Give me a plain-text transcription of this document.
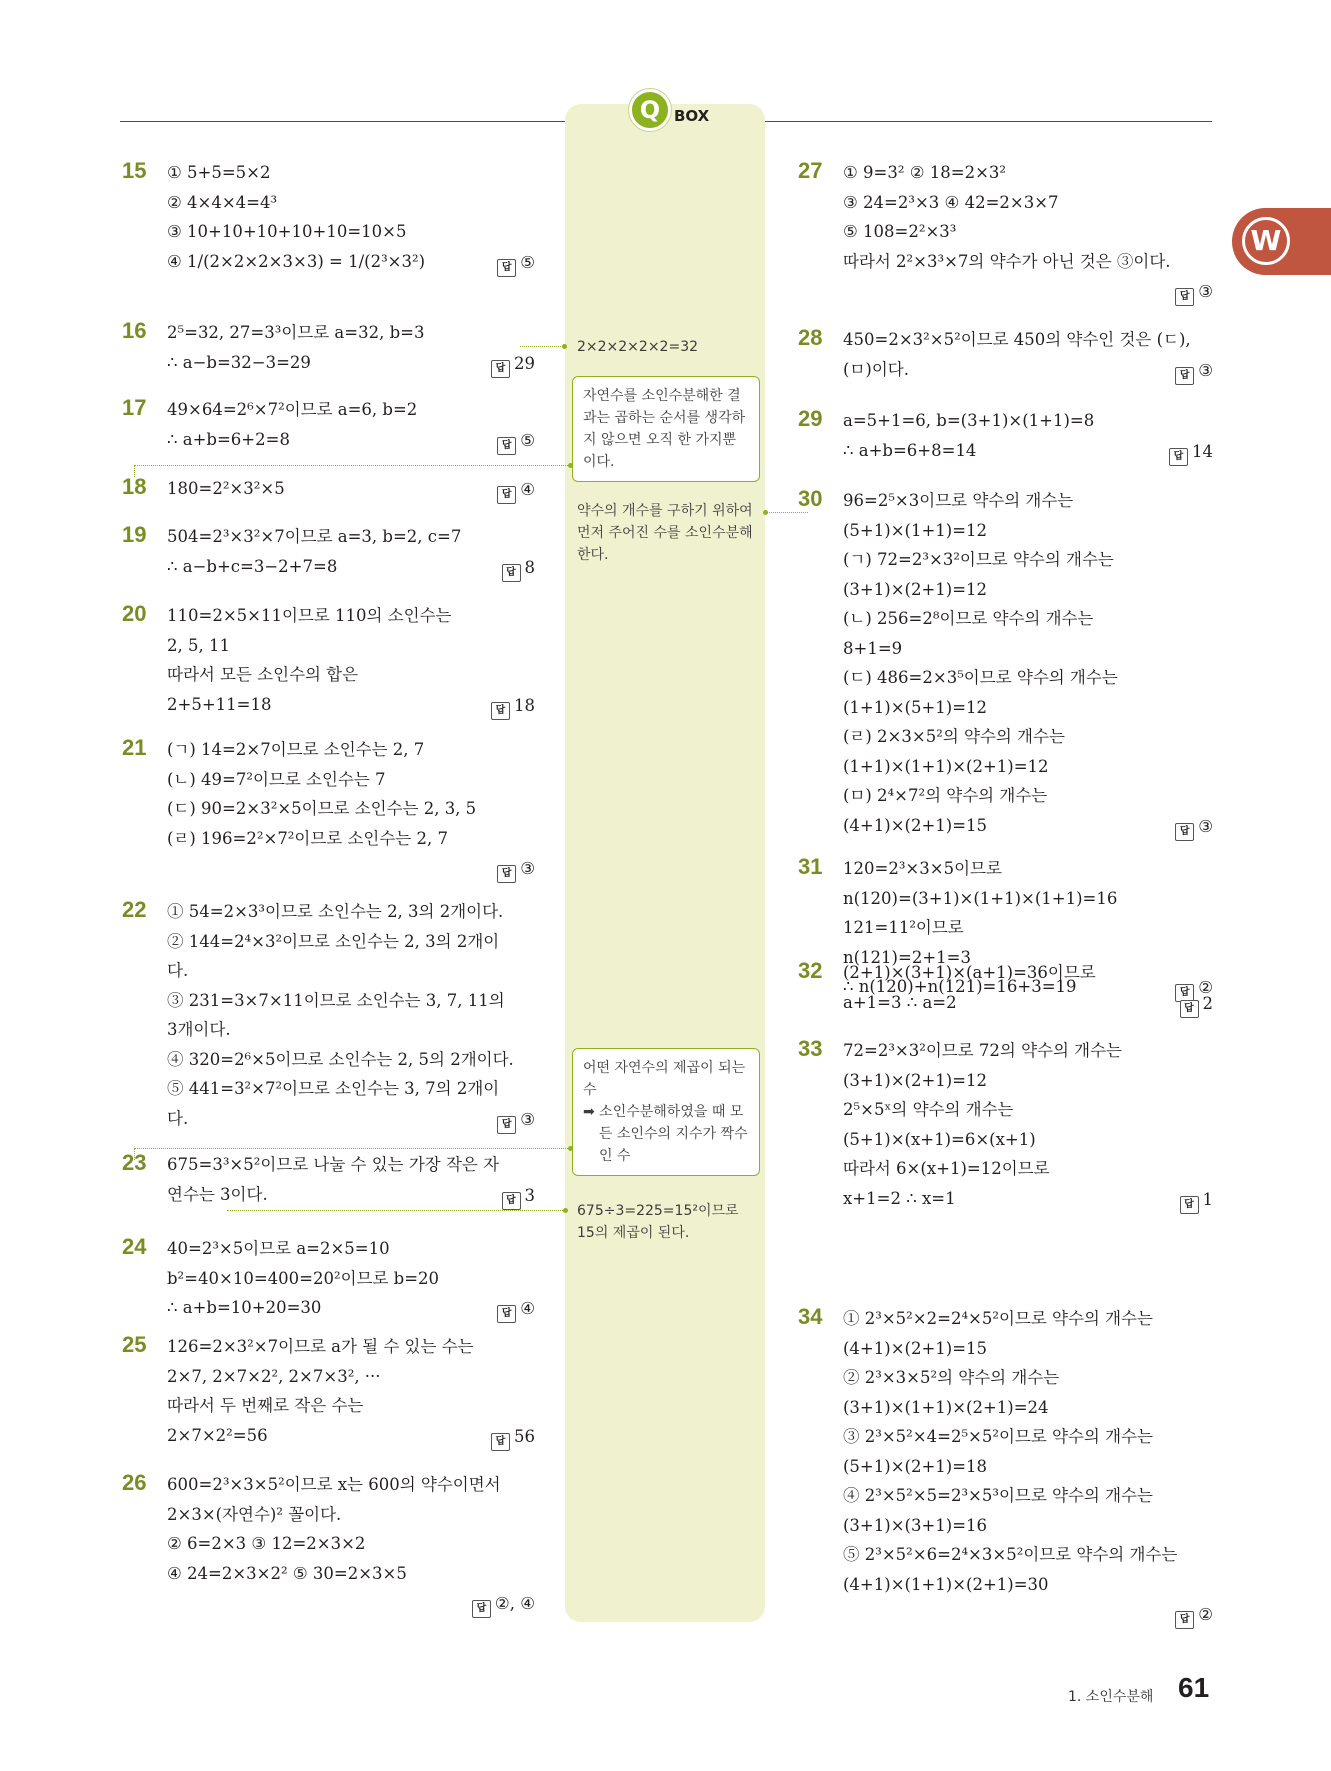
Q BOX
W
15 ① 5+5=5×2
② 4×4×4=4³
③ 10+10+10+10+10=10×5
④ 1/(2×2×2×3×3) = 1/(2³×3²)	답 ⑤
16 2⁵=32, 27=3³이므로 a=32, b=3
∴ a−b=32−3=29	답 29
17 49×64=2⁶×7²이므로 a=6, b=2
∴ a+b=6+2=8	답 ⑤
18 180=2²×3²×5	답 ④
19 504=2³×3²×7이므로 a=3, b=2, c=7
∴ a−b+c=3−2+7=8	답 8
20 110=2×5×11이므로 110의 소인수는
2, 5, 11
따라서 모든 소인수의 합은
2+5+11=18	답 18
21 (ㄱ) 14=2×7이므로 소인수는 2, 7
(ㄴ) 49=7²이므로 소인수는 7
(ㄷ) 90=2×3²×5이므로 소인수는 2, 3, 5
(ㄹ) 196=2²×7²이므로 소인수는 2, 7
답 ③
22 ① 54=2×3³이므로 소인수는 2, 3의 2개이다.
② 144=2⁴×3²이므로 소인수는 2, 3의 2개이
다.
③ 231=3×7×11이므로 소인수는 3, 7, 11의
3개이다.
④ 320=2⁶×5이므로 소인수는 2, 5의 2개이다.
⑤ 441=3²×7²이므로 소인수는 3, 7의 2개이
다.	답 ③
23 675=3³×5²이므로 나눌 수 있는 가장 작은 자
연수는 3이다.	답 3
24 40=2³×5이므로 a=2×5=10
b²=40×10=400=20²이므로 b=20
∴ a+b=10+20=30	답 ④
25 126=2×3²×7이므로 a가 될 수 있는 수는
2×7, 2×7×2², 2×7×3², ···
따라서 두 번째로 작은 수는
2×7×2²=56	답 56
26 600=2³×3×5²이므로 x는 600의 약수이면서
2×3×(자연수)² 꼴이다.
② 6=2×3 ③ 12=2×3×2
④ 24=2×3×2² ⑤ 30=2×3×5
답 ②, ④
27 ① 9=3² ② 18=2×3²
③ 24=2³×3 ④ 42=2×3×7
⑤ 108=2²×3³
따라서 2²×3³×7의 약수가 아닌 것은 ③이다.
답 ③
28 450=2×3²×5²이므로 450의 약수인 것은 (ㄷ),
(ㅁ)이다.	답 ③
29 a=5+1=6, b=(3+1)×(1+1)=8
∴ a+b=6+8=14	답 14
30 96=2⁵×3이므로 약수의 개수는
(5+1)×(1+1)=12
(ㄱ) 72=2³×3²이므로 약수의 개수는
(3+1)×(2+1)=12
(ㄴ) 256=2⁸이므로 약수의 개수는
8+1=9
(ㄷ) 486=2×3⁵이므로 약수의 개수는
(1+1)×(5+1)=12
(ㄹ) 2×3×5²의 약수의 개수는
(1+1)×(1+1)×(2+1)=12
(ㅁ) 2⁴×7²의 약수의 개수는
(4+1)×(2+1)=15	답 ③
31 120=2³×3×5이므로
n(120)=(3+1)×(1+1)×(1+1)=16
121=11²이므로
n(121)=2+1=3
∴ n(120)+n(121)=16+3=19	답 ②
32 (2+1)×(3+1)×(a+1)=36이므로
a+1=3 ∴ a=2	답 2
33 72=2³×3²이므로 72의 약수의 개수는
(3+1)×(2+1)=12
2⁵×5ˣ의 약수의 개수는
(5+1)×(x+1)=6×(x+1)
따라서 6×(x+1)=12이므로
x+1=2 ∴ x=1	답 1
34 ① 2³×5²×2=2⁴×5²이므로 약수의 개수는
(4+1)×(2+1)=15
② 2³×3×5²의 약수의 개수는
(3+1)×(1+1)×(2+1)=24
③ 2³×5²×4=2⁵×5²이므로 약수의 개수는
(5+1)×(2+1)=18
④ 2³×5²×5=2³×5³이므로 약수의 개수는
(3+1)×(3+1)=16
⑤ 2³×5²×6=2⁴×3×5²이므로 약수의 개수는
(4+1)×(1+1)×(2+1)=30
답 ②
2×2×2×2×2=32
자연수를 소인수분해한 결과는 곱하는 순서를 생각하지 않으면 오직 한 가지뿐이다.
약수의 개수를 구하기 위하여 먼저 주어진 수를 소인수분해한다.
어떤 자연수의 제곱이 되는 수
➡ 소인수분해하였을 때 모든 소인수의 지수가 짝수인 수
675÷3=225=15²이므로 15의 제곱이 된다.
1. 소인수분해 61
